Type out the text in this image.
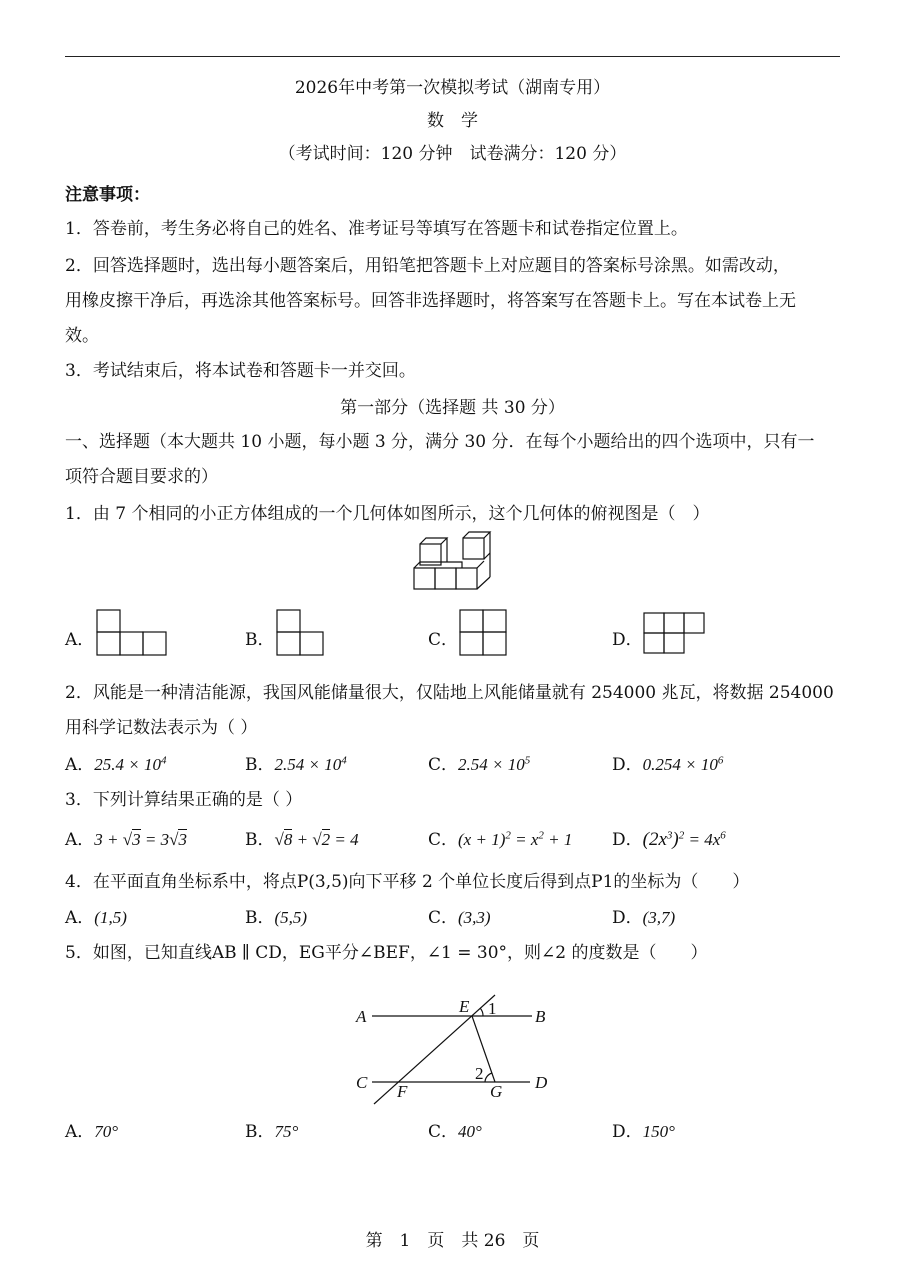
2026年中考第一次模拟考试（湖南专用）
数　学
（考试时间：120 分钟　试卷满分：120 分）
注意事项：
1．答卷前，考生务必将自己的姓名、准考证号等填写在答题卡和试卷指定位置上。
2．回答选择题时，选出每小题答案后，用铅笔把答题卡上对应题目的答案标号涂黑。如需改动，
用橡皮擦干净后，再选涂其他答案标号。回答非选择题时，将答案写在答题卡上。写在本试卷上无
效。
3．考试结束后，将本试卷和答题卡一并交回。
第一部分（选择题 共 30 分）
一、选择题（本大题共 10 小题，每小题 3 分，满分 30 分．在每个小题给出的四个选项中，只有一
项符合题目要求的）
1．由 7 个相同的小正方体组成的一个几何体如图所示，这个几何体的俯视图是（　）
A．	B．	C．	D．
2．风能是一种清洁能源，我国风能储量很大，仅陆地上风能储量就有 254000 兆瓦，将数据 254000
用科学记数法表示为（ ）
A．$25.4 \times 10^4$	B．$2.54 \times 10^4$	C．$2.54 \times 10^5$	D．$0.254 \times 10^6$
3．下列计算结果正确的是（ ）
A．3 + √3 = 3√3	B．√8 + √2 = 4	C．$(x + 1)^2 = x^2 + 1$ D．$(2x^3)^2 = 4x^6$
4．在平面直角坐标系中，将点P(3,5)向下平移 2 个单位长度后得到点P1的坐标为（　　）
A．(1,5)	B．(5,5)	C．(3,3)	D．(3,7)
5．如图，已知直线AB ∥ CD，EG平分∠BEF，∠1 = 30°，则∠2 的度数是（　　）
A	B
C	D
E
F	G
1
2
A．70°	B．75°	C．40°	D．150°
第　1　页　共 26　页
